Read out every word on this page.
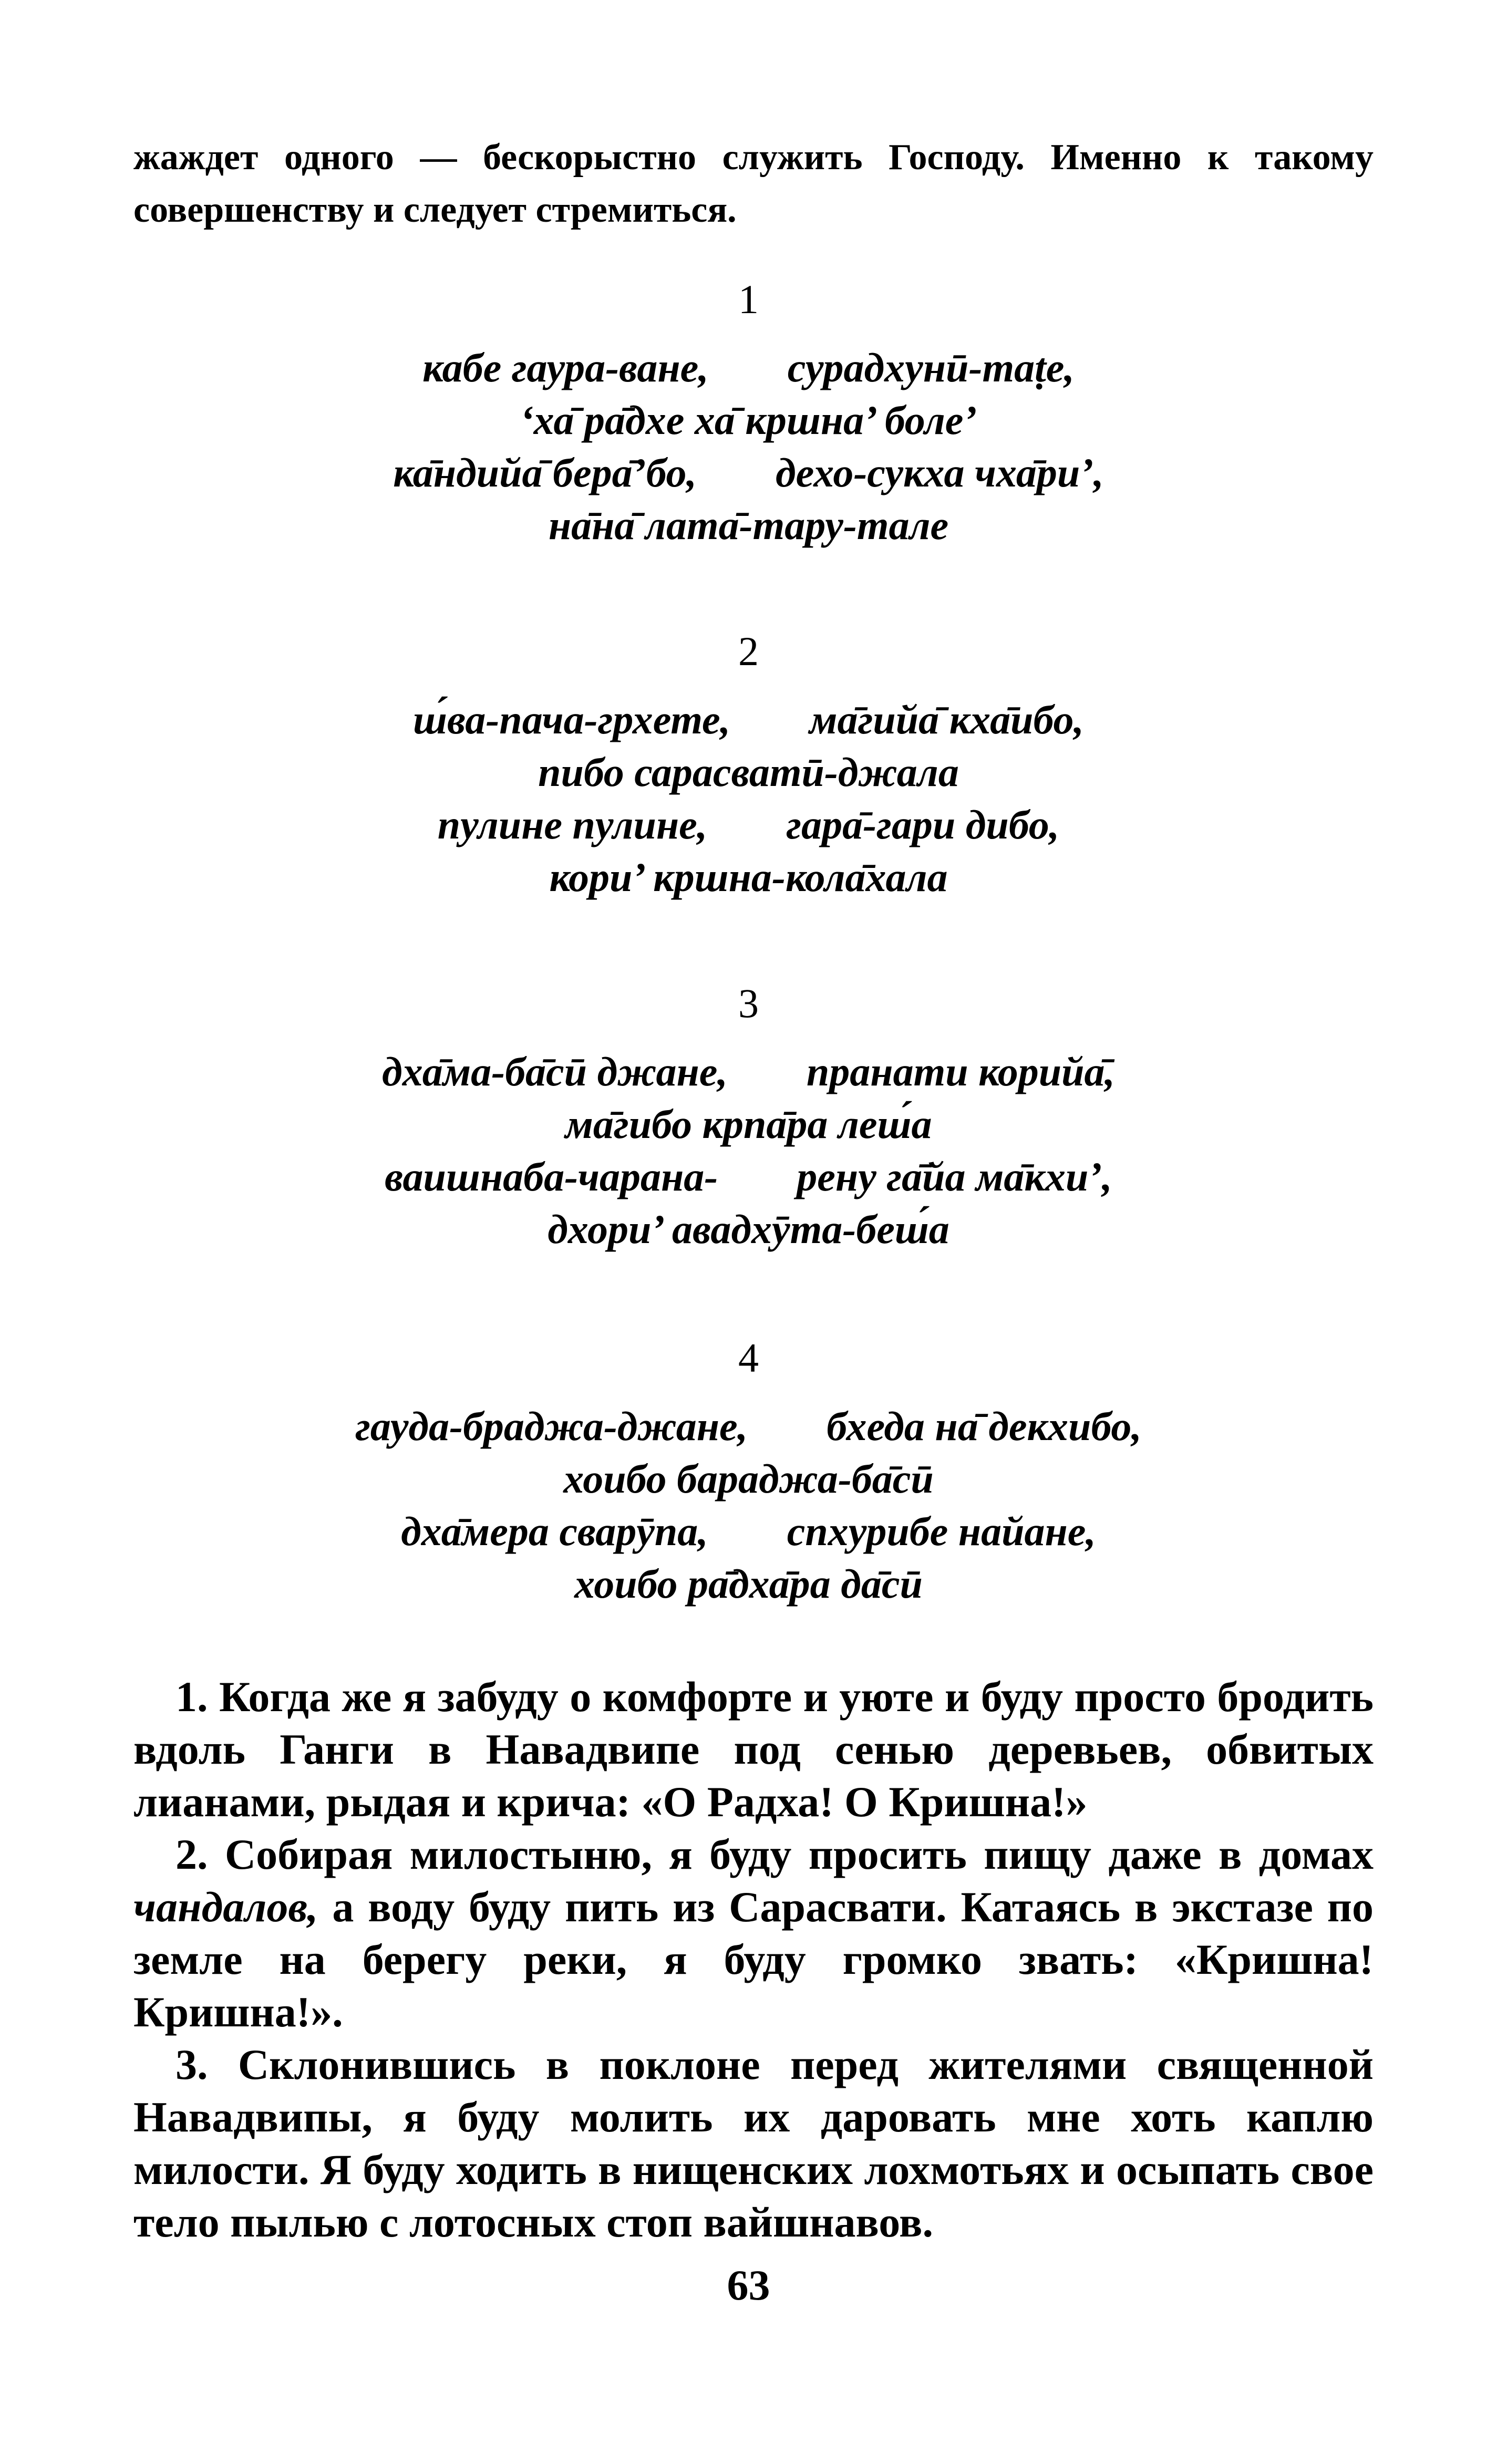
жаждет одного — бескорыстно служить Господу. Именно к такому совершенству и следует стремиться.
1
кабе гаура-ване, сурадхунӣ-таṭе,
‘ха̄ ра̄дхе ха̄ кршна’ боле’
ка̄ндийа̄ бера̄’бо, дехо-сукха чха̄ри’,
на̄на̄ лата̄-тару-тале
2
ш́ва-пача-грхете, ма̄гийа̄ кха̄ибо,
пибо сарасватӣ-джала
пулине пулине, гара̄-гари дибо,
кори’ кршна-кола̄хала
3
дха̄ма-ба̄сӣ джане, пранати корийа̄,
ма̄гибо крпа̄ра леш́а
ваишнаба-чарана- рену га̄йа ма̄кхи’,
дхори’ авадхӯта-беш́а
4
гауда-браджа-джане, бхеда на̄ декхибо,
хоибо бараджа-ба̄сӣ
дха̄мера сварӯпа, спхурибе найане,
хоибо ра̄дха̄ра да̄сӣ

1. Когда же я забуду о комфорте и уюте и буду просто бродить вдоль Ганги в Навадвипе под сенью деревьев, обвитых лианами, рыдая и крича: «О Радха! О Кришна!»

2. Собирая милостыню, я буду просить пищу даже в домах чандалов, а воду буду пить из Сарасвати. Катаясь в экстазе по земле на берегу реки, я буду громко звать: «Кришна! Кришна!».

3. Склонившись в поклоне перед жителями священной Навадвипы, я буду молить их даровать мне хоть каплю милости. Я буду ходить в нищенских лохмотьях и осыпать свое тело пылью с лотосных стоп вайшнавов.

63
